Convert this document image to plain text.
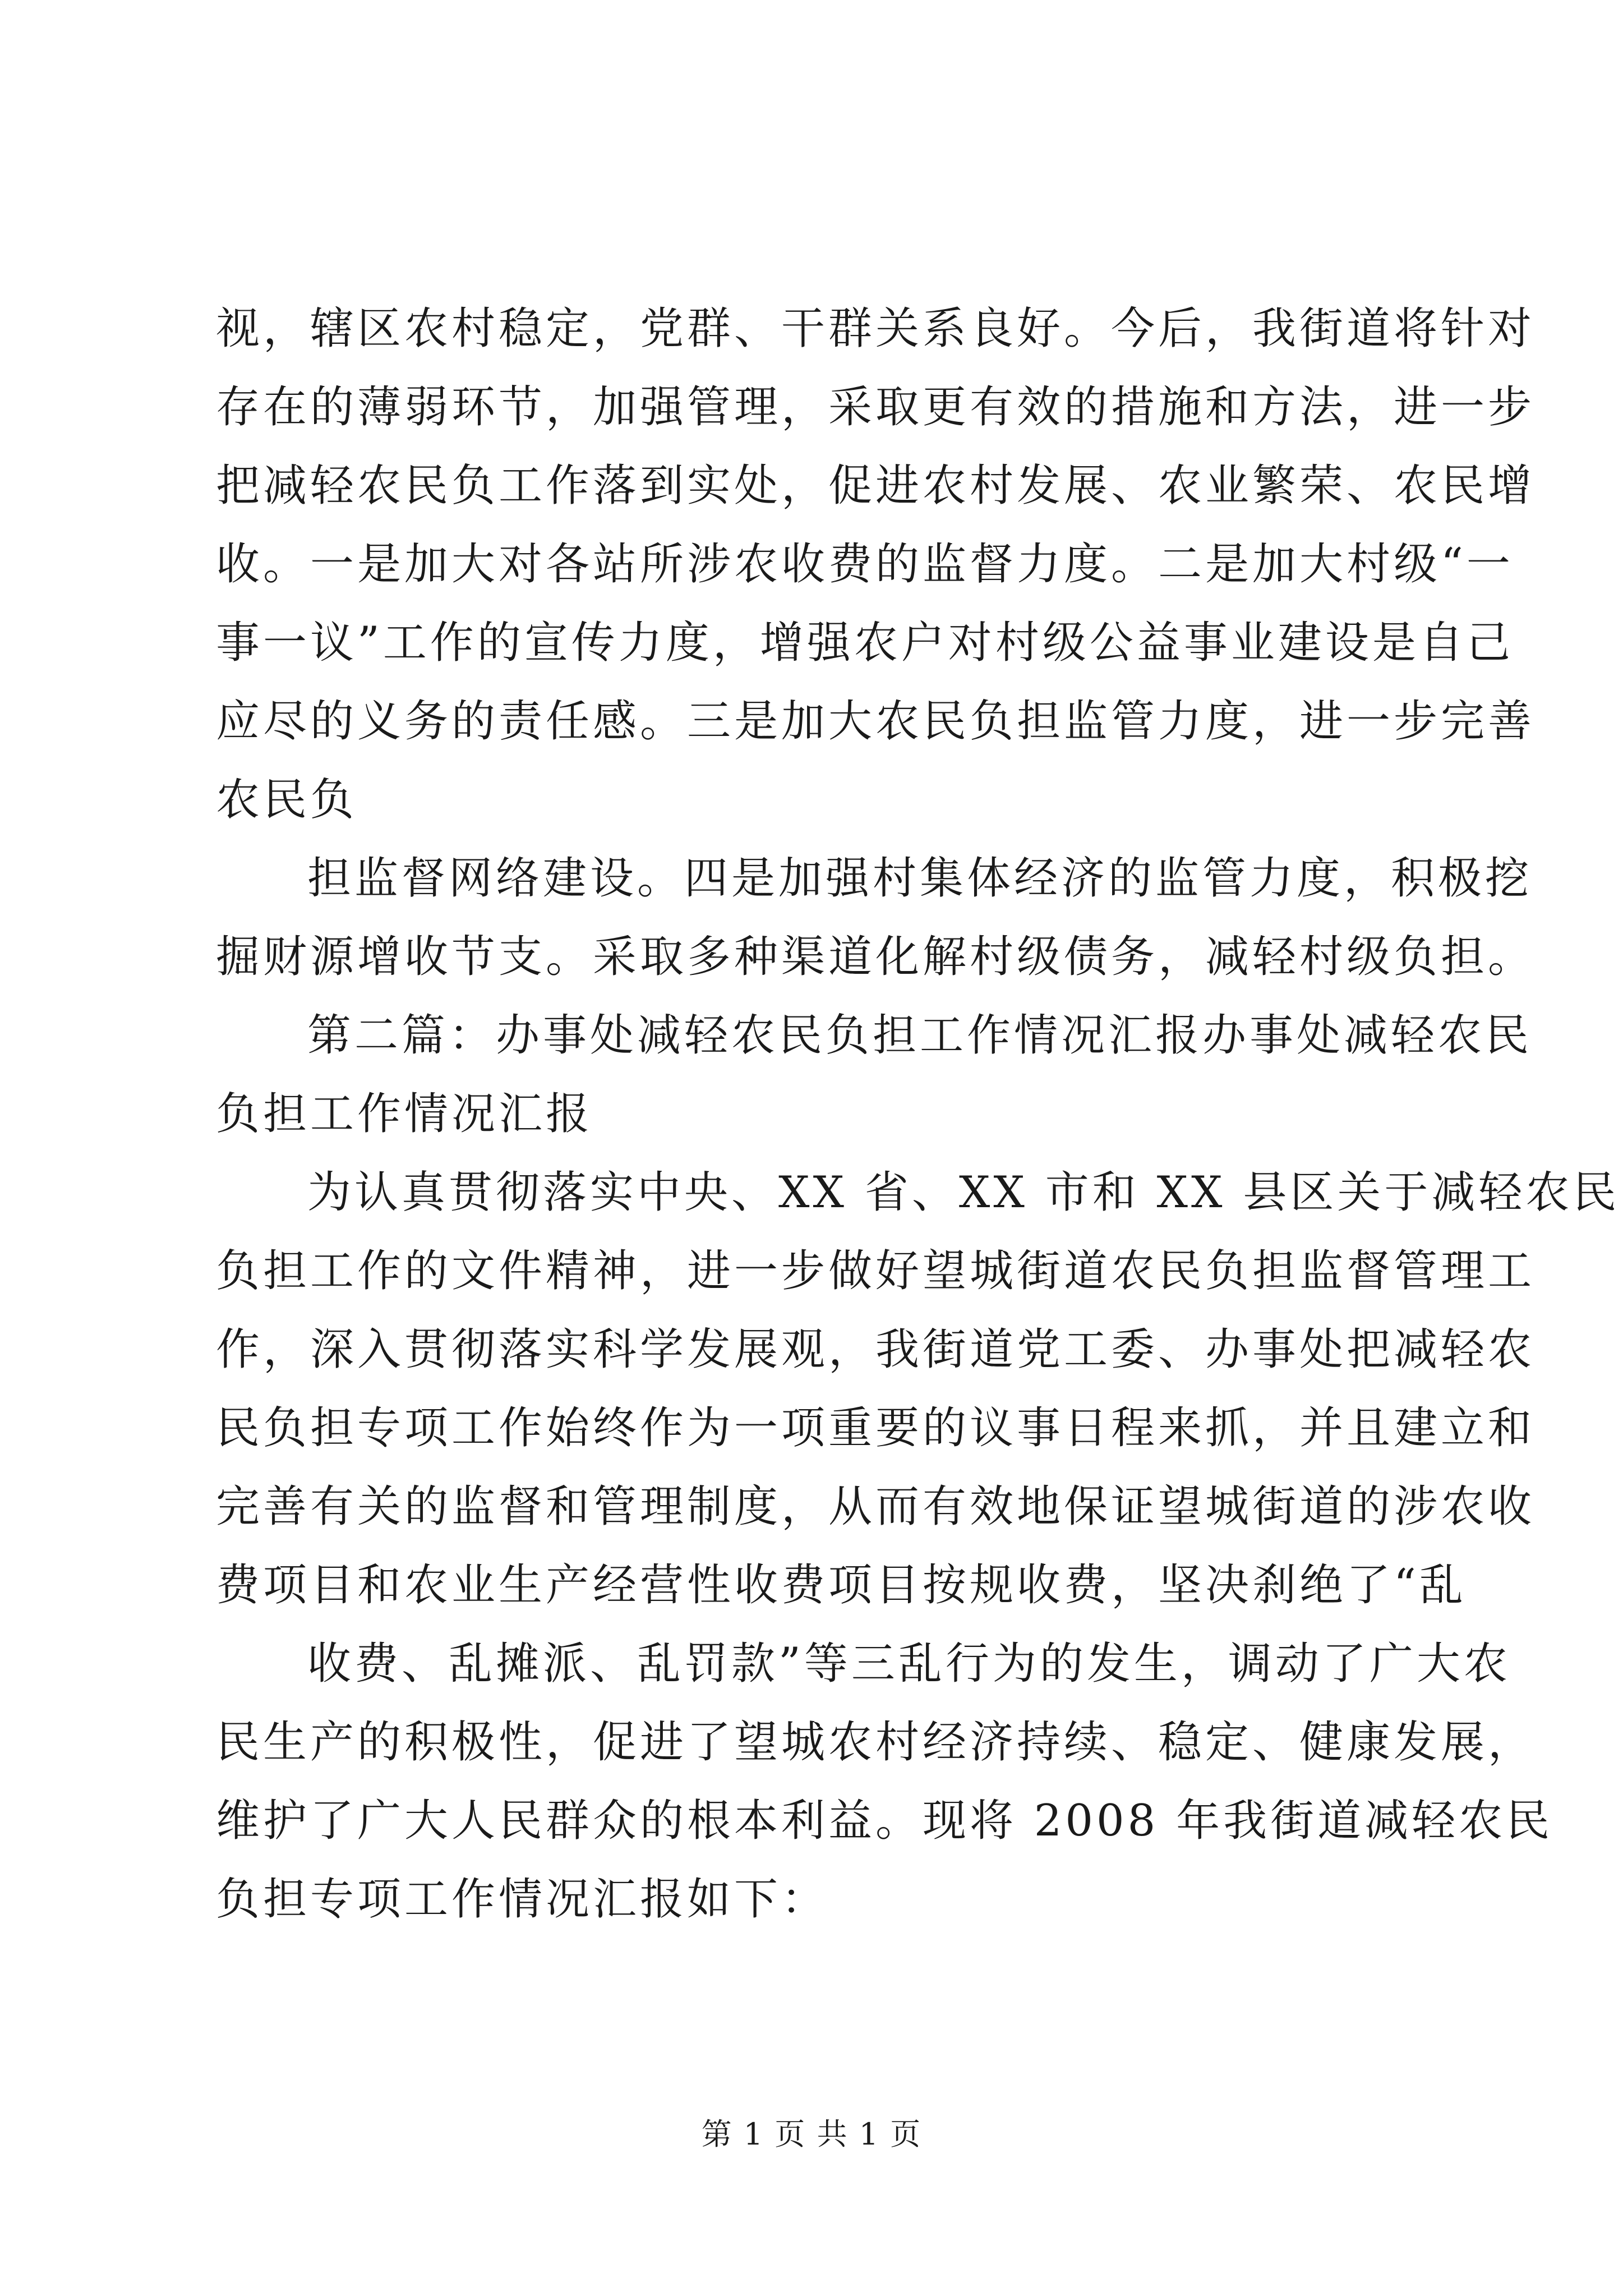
视，辖区农村稳定，党群、干群关系良好。今后，我街道将针对
存在的薄弱环节，加强管理，采取更有效的措施和方法，进一步
把减轻农民负工作落到实处，促进农村发展、农业繁荣、农民增
收。一是加大对各站所涉农收费的监督力度。二是加大村级“一
事一议”工作的宣传力度，增强农户对村级公益事业建设是自己
应尽的义务的责任感。三是加大农民负担监管力度，进一步完善
农民负
担监督网络建设。四是加强村集体经济的监管力度，积极挖
掘财源增收节支。采取多种渠道化解村级债务，减轻村级负担。
第二篇：办事处减轻农民负担工作情况汇报办事处减轻农民
负担工作情况汇报
为认真贯彻落实中央、XX 省、XX 市和 XX 县区关于减轻农民
负担工作的文件精神，进一步做好望城街道农民负担监督管理工
作，深入贯彻落实科学发展观，我街道党工委、办事处把减轻农
民负担专项工作始终作为一项重要的议事日程来抓，并且建立和
完善有关的监督和管理制度，从而有效地保证望城街道的涉农收
费项目和农业生产经营性收费项目按规收费，坚决刹绝了“乱
收费、乱摊派、乱罚款”等三乱行为的发生，调动了广大农
民生产的积极性，促进了望城农村经济持续、稳定、健康发展，
维护了广大人民群众的根本利益。现将 2008 年我街道减轻农民
负担专项工作情况汇报如下：
第 1 页 共 1 页
